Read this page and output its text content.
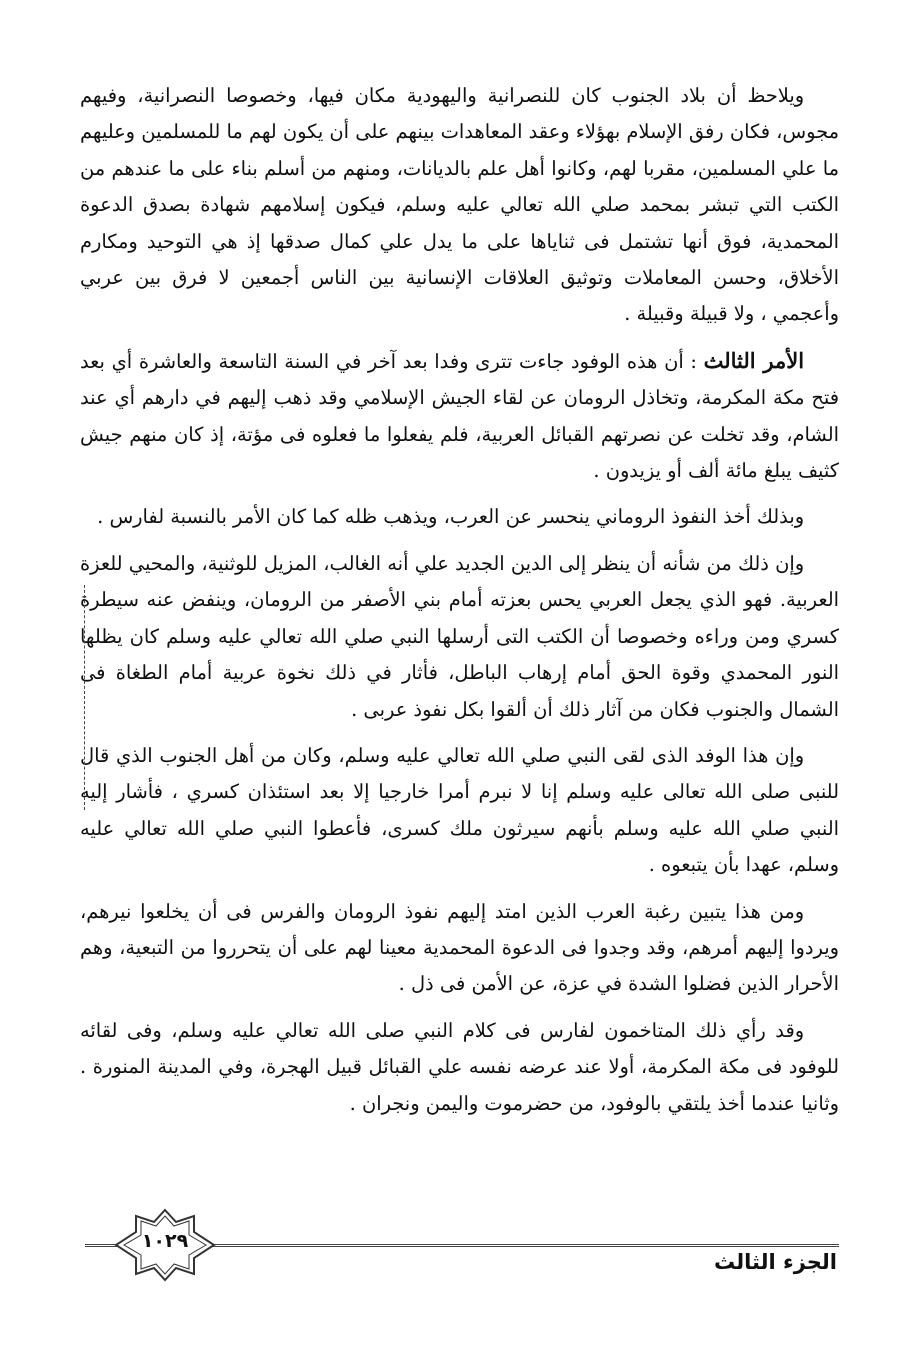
ويلاحظ أن بلاد الجنوب كان للنصرانية واليهودية مكان فيها، وخصوصا النصرانية، وفيهم مجوس، فكان رفق الإسلام بهؤلاء وعقد المعاهدات بينهم على أن يكون لهم ما للمسلمين وعليهم ما علي المسلمين، مقربا لهم، وكانوا أهل علم بالديانات، ومنهم من أسلم بناء على ما عندهم من الكتب التي تبشر بمحمد صلي الله تعالي عليه وسلم، فيكون إسلامهم شهادة بصدق الدعوة المحمدية، فوق أنها تشتمل فى ثناياها على ما يدل علي كمال صدقها إذ هي التوحيد ومكارم الأخلاق، وحسن المعاملات وتوثيق العلاقات الإنسانية بين الناس أجمعين لا فرق بين عربي وأعجمي ، ولا قبيلة وقبيلة .

الأمر الثالث : أن هذه الوفود جاءت تترى وفدا بعد آخر في السنة التاسعة والعاشرة أي بعد فتح مكة المكرمة، وتخاذل الرومان عن لقاء الجيش الإسلامي وقد ذهب إليهم في دارهم أي عند الشام، وقد تخلت عن نصرتهم القبائل العربية، فلم يفعلوا ما فعلوه فى مؤتة، إذ كان منهم جيش كثيف يبلغ مائة ألف أو يزيدون .

وبذلك أخذ النفوذ الروماني ينحسر عن العرب، ويذهب ظله كما كان الأمر بالنسبة لفارس .

وإن ذلك من شأنه أن ينظر إلى الدين الجديد علي أنه الغالب، المزيل للوثنية، والمحيي للعزة العربية. فهو الذي يجعل العربي يحس بعزته أمام بني الأصفر من الرومان، وينفض عنه سيطرة كسري ومن وراءه وخصوصا أن الكتب التى أرسلها النبي صلي الله تعالي عليه وسلم كان يظلها النور المحمدي وقوة الحق أمام إرهاب الباطل، فأثار في ذلك نخوة عربية أمام الطغاة فى الشمال والجنوب فكان من آثار ذلك أن ألقوا بكل نفوذ عربى .

وإن هذا الوفد الذى لقى النبي صلي الله تعالي عليه وسلم، وكان من أهل الجنوب الذي قال للنبى صلى الله تعالى عليه وسلم إنا لا نبرم أمرا خارجيا إلا بعد استئذان كسري ، فأشار إليه النبي صلي الله عليه وسلم بأنهم سيرثون ملك كسرى، فأعطوا النبي صلي الله تعالي عليه وسلم، عهدا بأن يتبعوه .

ومن هذا يتبين رغبة العرب الذين امتد إليهم نفوذ الرومان والفرس فى أن يخلعوا نيرهم، ويردوا إليهم أمرهم، وقد وجدوا فى الدعوة المحمدية معينا لهم على أن يتحرروا من التبعية، وهم الأحرار الذين فضلوا الشدة في عزة، عن الأمن فى ذل .

وقد رأي ذلك المتاخمون لفارس فى كلام النبي صلى الله تعالي عليه وسلم، وفى لقائه للوفود فى مكة المكرمة، أولا عند عرضه نفسه علي القبائل قبيل الهجرة، وفي المدينة المنورة . وثانيا عندما أخذ يلتقي بالوفود، من حضرموت واليمن ونجران .

١٠٢٩
الجزء الثالث
